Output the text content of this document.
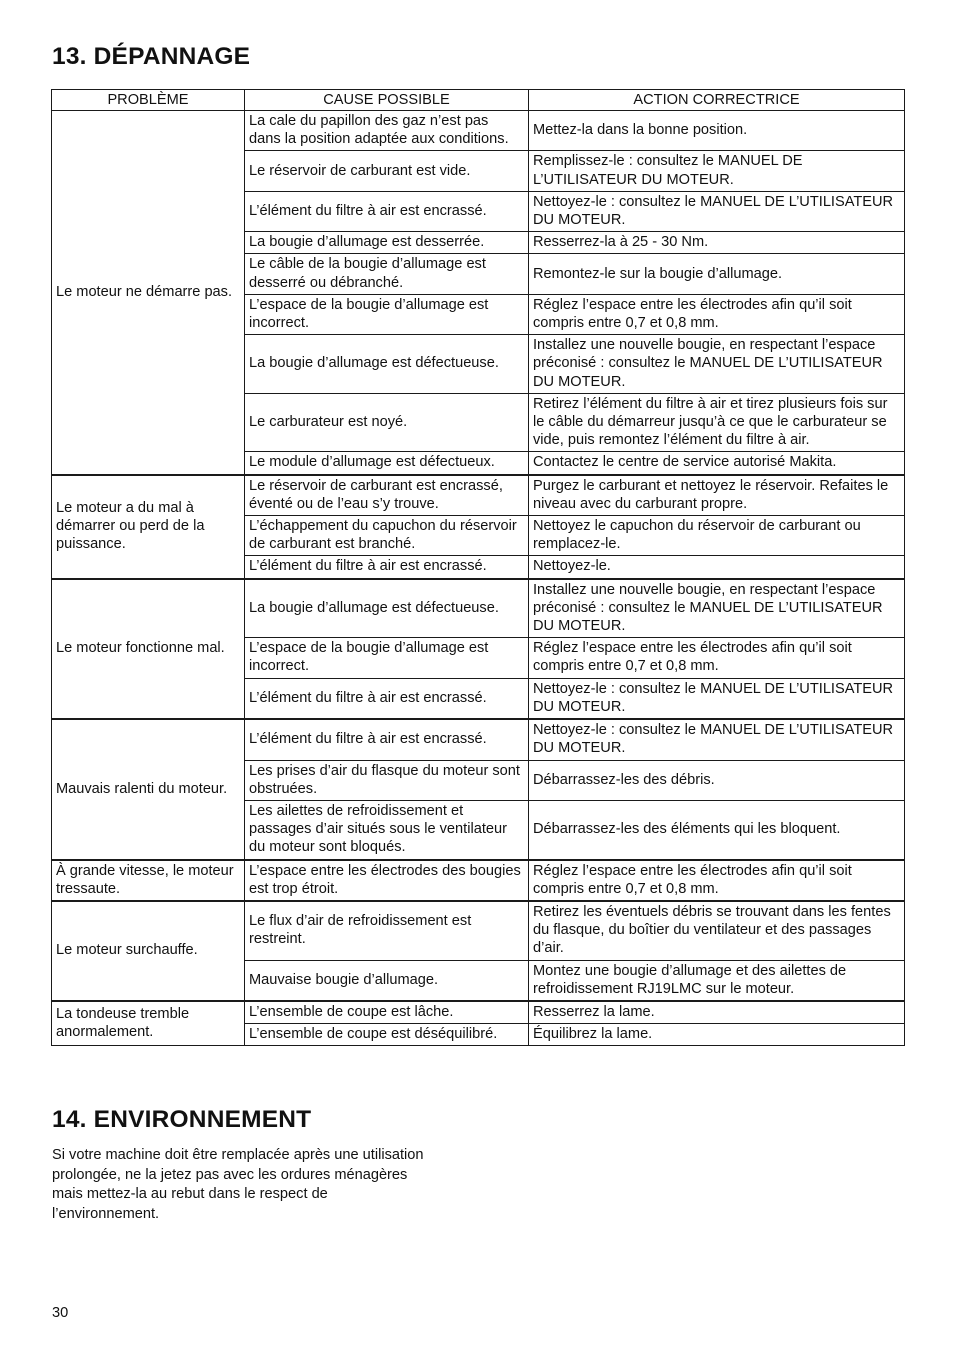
13. DÉPANNAGE
PROBLÈME	CAUSE POSSIBLE	ACTION CORRECTRICE
Le moteur ne démarre pas.	La cale du papillon des gaz n’est pas dans la position adaptée aux conditions.	Mettez-la dans la bonne position.
	Le réservoir de carburant est vide.	Remplissez-le : consultez le MANUEL DE L’UTILISATEUR DU MOTEUR.
	L’élément du filtre à air est encrassé.	Nettoyez-le : consultez le MANUEL DE L’UTILISATEUR DU MOTEUR.
	La bougie d’allumage est desserrée.	Resserrez-la à 25 - 30 Nm.
	Le câble de la bougie d’allumage est desserré ou débranché.	Remontez-le sur la bougie d’allumage.
	L’espace de la bougie d’allumage est incorrect.	Réglez l’espace entre les électrodes afin qu’il soit compris entre 0,7 et 0,8 mm.
	La bougie d’allumage est défectueuse.	Installez une nouvelle bougie, en respectant l’espace préconisé : consultez le MANUEL DE L’UTILISATEUR DU MOTEUR.
	Le carburateur est noyé.	Retirez l’élément du filtre à air et tirez plusieurs fois sur le câble du démarreur jusqu’à ce que le carburateur se vide, puis remontez l’élément du filtre à air.
	Le module d’allumage est défectueux.	Contactez le centre de service autorisé Makita.
Le moteur a du mal à démarrer ou perd de la puissance.	Le réservoir de carburant est encrassé, éventé ou de l’eau s’y trouve.	Purgez le carburant et nettoyez le réservoir. Refaites le niveau avec du carburant propre.
	L’échappement du capuchon du réservoir de carburant est branché.	Nettoyez le capuchon du réservoir de carburant ou remplacez-le.
	L’élément du filtre à air est encrassé.	Nettoyez-le.
Le moteur fonctionne mal.	La bougie d’allumage est défectueuse.	Installez une nouvelle bougie, en respectant l’espace préconisé : consultez le MANUEL DE L’UTILISATEUR DU MOTEUR.
	L’espace de la bougie d’allumage est incorrect.	Réglez l’espace entre les électrodes afin qu’il soit compris entre 0,7 et 0,8 mm.
	L’élément du filtre à air est encrassé.	Nettoyez-le : consultez le MANUEL DE L’UTILISATEUR DU MOTEUR.
Mauvais ralenti du moteur.	L’élément du filtre à air est encrassé.	Nettoyez-le : consultez le MANUEL DE L’UTILISATEUR DU MOTEUR.
	Les prises d’air du flasque du moteur sont obstruées.	Débarrassez-les des débris.
	Les ailettes de refroidissement et passages d’air situés sous le ventilateur du moteur sont bloqués.	Débarrassez-les des éléments qui les bloquent.
À grande vitesse, le moteur tressaute.	L’espace entre les électrodes des bougies est trop étroit.	Réglez l’espace entre les électrodes afin qu’il soit compris entre 0,7 et 0,8 mm.
Le moteur surchauffe.	Le flux d’air de refroidissement est restreint.	Retirez les éventuels débris se trouvant dans les fentes du flasque, du boîtier du ventilateur et des passages d’air.
	Mauvaise bougie d’allumage.	Montez une bougie d’allumage et des ailettes de refroidissement RJ19LMC sur le moteur.
La tondeuse tremble anormalement.	L’ensemble de coupe est lâche.	Resserrez la lame.
	L’ensemble de coupe est déséquilibré.	Équilibrez la lame.
14. ENVIRONNEMENT

Si votre machine doit être remplacée après une utilisation
prolongée, ne la jetez pas avec les ordures ménagères
mais mettez-la au rebut dans le respect de
l’environnement.

30
